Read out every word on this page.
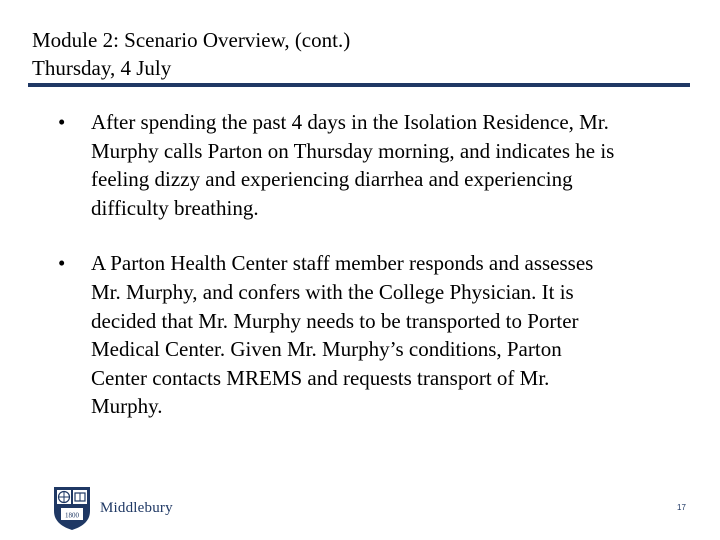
Module 2: Scenario Overview, (cont.)
Thursday, 4 July
• After spending the past 4 days in the Isolation Residence, Mr. Murphy calls Parton on Thursday morning, and indicates he is feeling dizzy and experiencing diarrhea and experiencing difficulty breathing.
• A Parton Health Center staff member responds and assesses Mr. Murphy, and confers with the College Physician. It is decided that Mr. Murphy needs to be transported to Porter Medical Center. Given Mr. Murphy’s conditions, Parton Center contacts MREMS and requests transport of Mr. Murphy.
1800 Middlebury	17
